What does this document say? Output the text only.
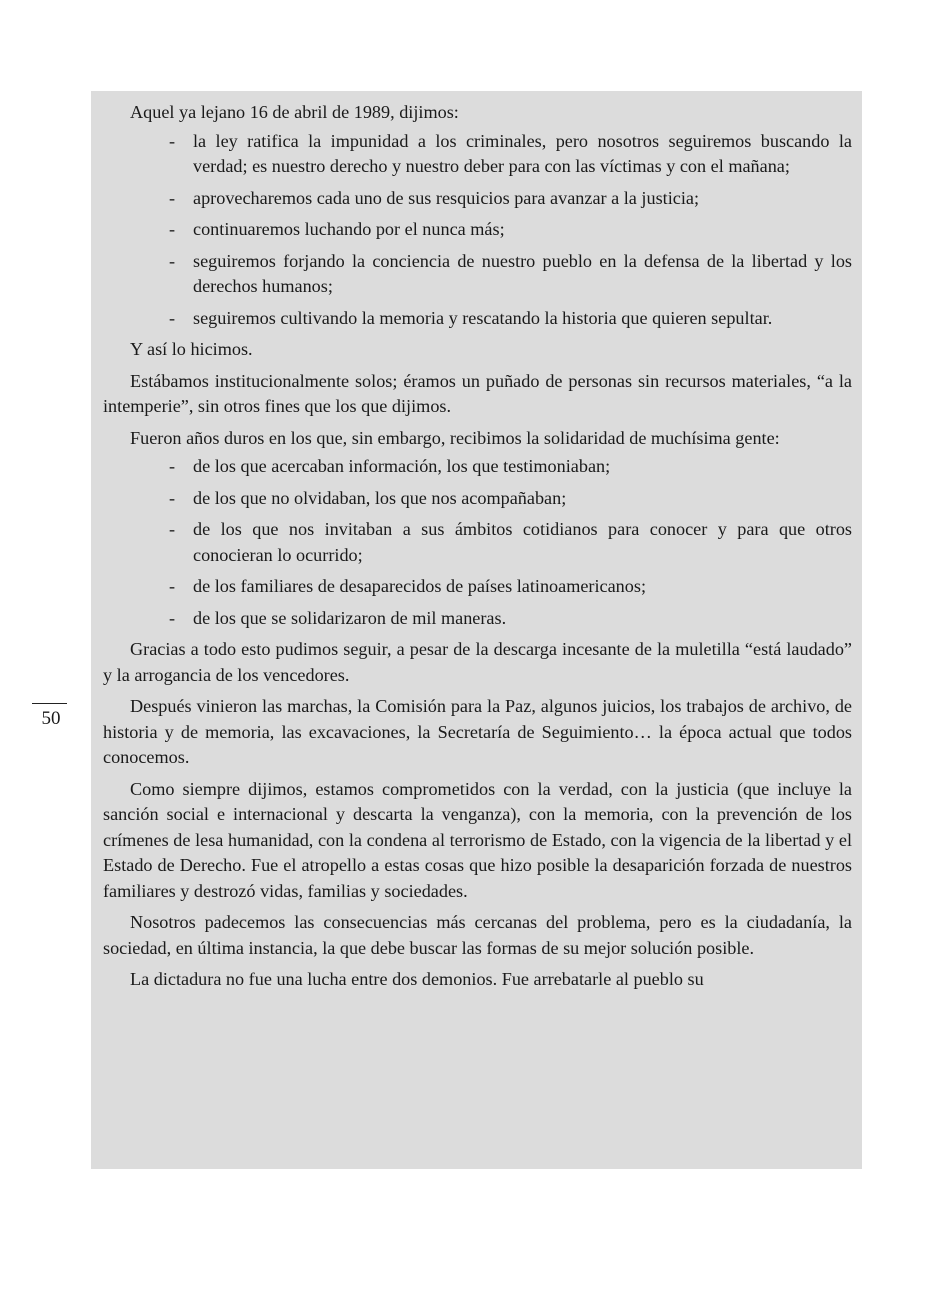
50

Aquel ya lejano 16 de abril de 1989, dijimos:

- la ley ratifica la impunidad a los criminales, pero nosotros seguiremos buscando la verdad; es nuestro derecho y nuestro deber para con las víctimas y con el mañana;
- aprovecharemos cada uno de sus resquicios para avanzar a la justicia;
- continuaremos luchando por el nunca más;
- seguiremos forjando la conciencia de nuestro pueblo en la defensa de la libertad y los derechos humanos;
- seguiremos cultivando la memoria y rescatando la historia que quieren sepultar.

Y así lo hicimos.

Estábamos institucionalmente solos; éramos un puñado de personas sin recursos materiales, “a la intemperie”, sin otros fines que los que dijimos.

Fueron años duros en los que, sin embargo, recibimos la solidaridad de muchísima gente:

- de los que acercaban información, los que testimoniaban;
- de los que no olvidaban, los que nos acompañaban;
- de los que nos invitaban a sus ámbitos cotidianos para conocer y para que otros conocieran lo ocurrido;
- de los familiares de desaparecidos de países latinoamericanos;
- de los que se solidarizaron de mil maneras.

Gracias a todo esto pudimos seguir, a pesar de la descarga incesante de la muletilla “está laudado” y la arrogancia de los vencedores.

Después vinieron las marchas, la Comisión para la Paz, algunos juicios, los trabajos de archivo, de historia y de memoria, las excavaciones, la Secretaría de Seguimiento… la época actual que todos conocemos.

Como siempre dijimos, estamos comprometidos con la verdad, con la justicia (que incluye la sanción social e internacional y descarta la venganza), con la memoria, con la prevención de los crímenes de lesa humanidad, con la condena al terrorismo de Estado, con la vigencia de la libertad y el Estado de Derecho. Fue el atropello a estas cosas que hizo posible la desaparición forzada de nuestros familiares y destrozó vidas, familias y sociedades.

Nosotros padecemos las consecuencias más cercanas del problema, pero es la ciudadanía, la sociedad, en última instancia, la que debe buscar las formas de su mejor solución posible.

La dictadura no fue una lucha entre dos demonios. Fue arrebatarle al pueblo su
